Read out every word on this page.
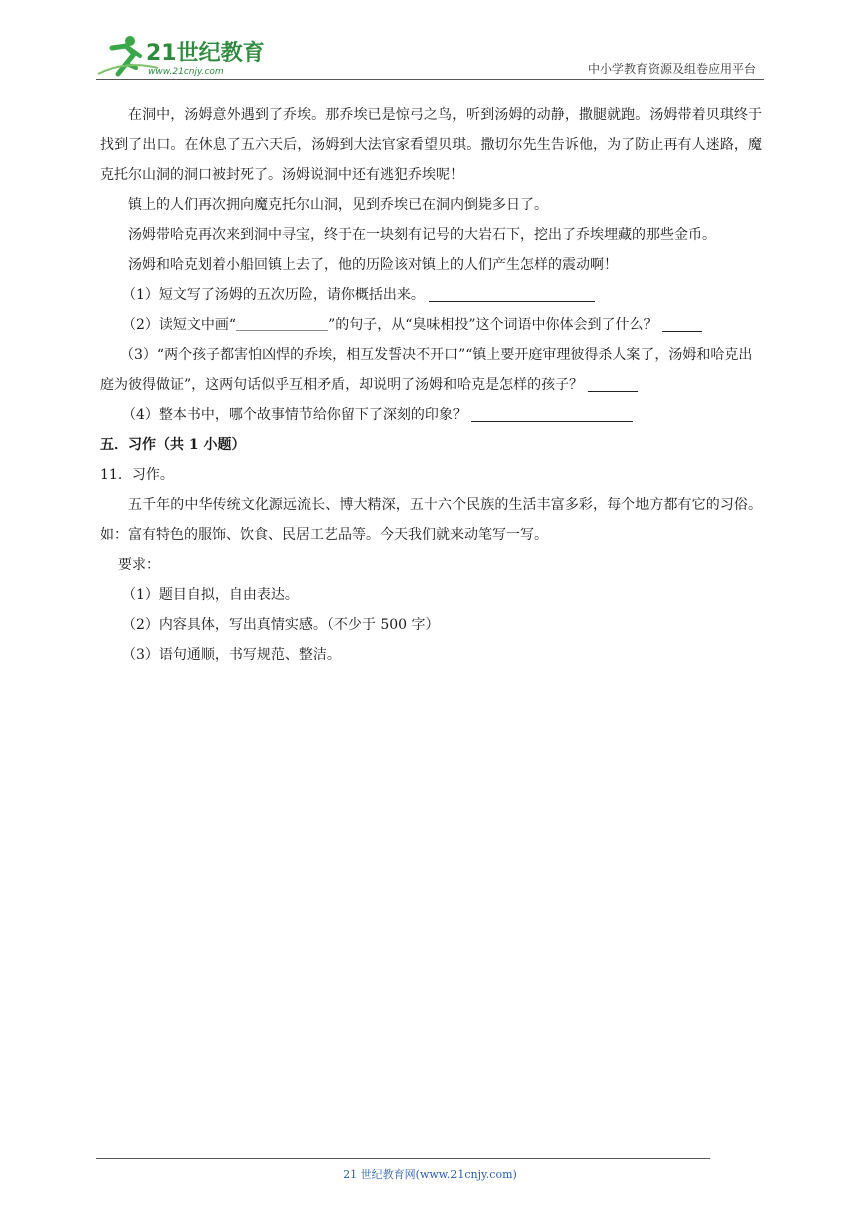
21世纪教育
www.21cnjy.com	中小学教育资源及组卷应用平台

在洞中，汤姆意外遇到了乔埃。那乔埃已是惊弓之鸟，听到汤姆的动静，撒腿就跑。汤姆带着贝琪终于找到了出口。在休息了五六天后，汤姆到大法官家看望贝琪。撒切尔先生告诉他，为了防止再有人迷路，魔克托尔山洞的洞口被封死了。汤姆说洞中还有逃犯乔埃呢！

镇上的人们再次拥向魔克托尔山洞，见到乔埃已在洞内倒毙多日了。

汤姆带哈克再次来到洞中寻宝，终于在一块刻有记号的大岩石下，挖出了乔埃埋藏的那些金币。

汤姆和哈克划着小船回镇上去了，他的历险该对镇上的人们产生怎样的震动啊！

（1）短文写了汤姆的五次历险，请你概括出来。

（2）读短文中画“	”的句子，从“臭味相投”这个词语中你体会到了什么？

（3）“两个孩子都害怕凶悍的乔埃，相互发誓决不开口”“镇上要开庭审理彼得杀人案了，汤姆和哈克出庭为彼得做证”，这两句话似乎互相矛盾，却说明了汤姆和哈克是怎样的孩子？

（4）整本书中，哪个故事情节给你留下了深刻的印象？

五．习作（共 1 小题）

11．习作。

五千年的中华传统文化源远流长、博大精深，五十六个民族的生活丰富多彩，每个地方都有它的习俗。如：富有特色的服饰、饮食、民居工艺品等。今天我们就来动笔写一写。

要求：

（1）题目自拟，自由表达。

（2）内容具体，写出真情实感。（不少于 500 字）

（3）语句通顺，书写规范、整洁。

21 世纪教育网(www.21cnjy.com)
